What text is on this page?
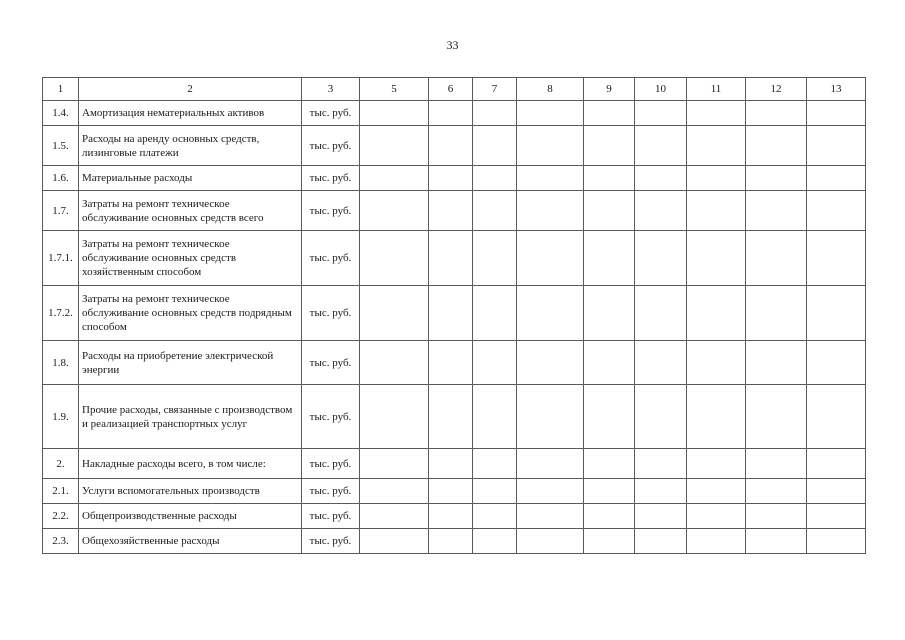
33
1	2	3	5	6	7	8	9	10	11	12	13
1.4.	Амортизация нематериальных активов	тыс. руб.									
1.5.	Расходы на аренду основных средств, лизинговые платежи	тыс. руб.									
1.6.	Материальные расходы	тыс. руб.									
1.7.	Затраты на ремонт техническое обслуживание основных средств всего	тыс. руб.									
1.7.1.	Затраты на ремонт техническое обслуживание основных средств хозяйственным способом	тыс. руб.									
1.7.2.	Затраты на ремонт техническое обслуживание основных средств подрядным способом	тыс. руб.									
1.8.	Расходы на приобретение электрической энергии	тыс. руб.									
1.9.	Прочие расходы, связанные с производством и реализацией транспортных услуг	тыс. руб.									
2.	Накладные расходы всего, в том числе:	тыс. руб.									
2.1.	Услуги вспомогательных производств	тыс. руб.									
2.2.	Общепроизводственные расходы	тыс. руб.									
2.3.	Общехозяйственные расходы	тыс. руб.									
